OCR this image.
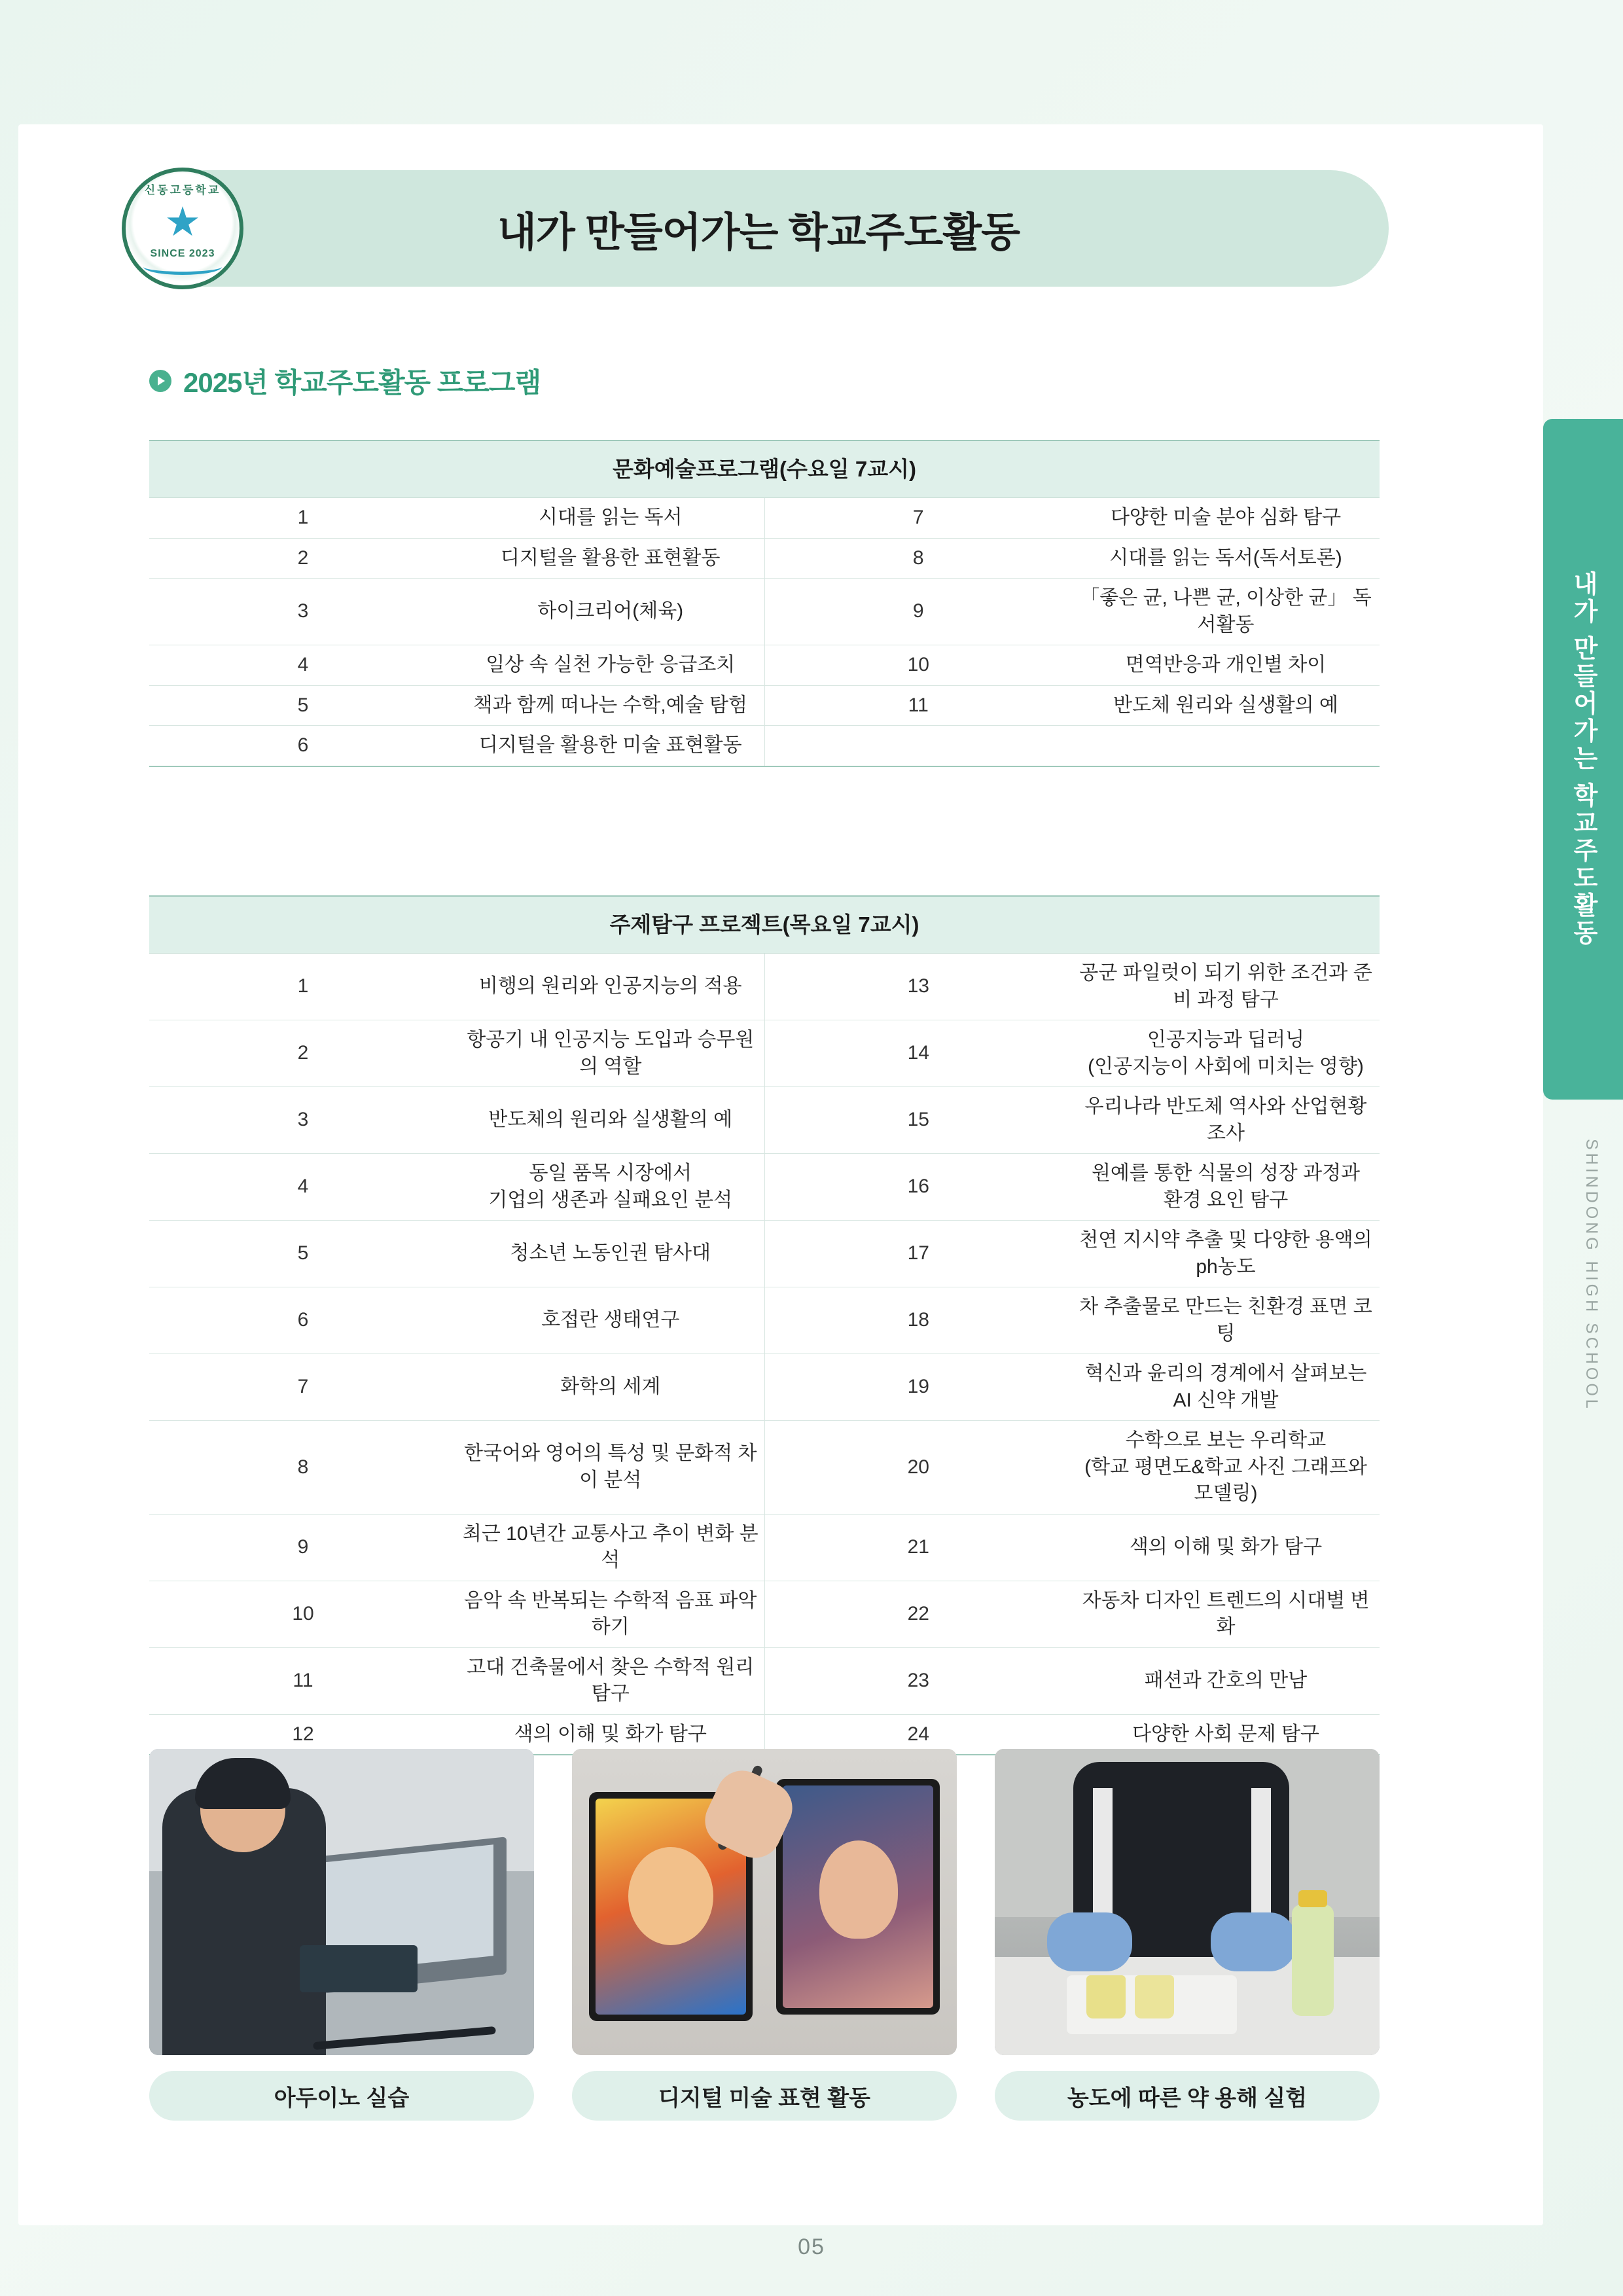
내가 만들어가는 학교주도활동
신동고등학교
★
SINCE 2023
2025년 학교주도활동 프로그램
문화예술프로그램(수요일 7교시)			
1	시대를 읽는 독서	7	다양한 미술 분야 심화 탐구
2	디지털을 활용한 표현활동	8	시대를 읽는 독서(독서토론)
3	하이크리어(체육)	9	「좋은 균, 나쁜 균, 이상한 균」 독서활동
4	일상 속 실천 가능한 응급조치	10	면역반응과 개인별 차이
5	책과 함께 떠나는 수학,예술 탐험	11	반도체 원리와 실생활의 예
6	디지털을 활용한 미술 표현활동		
주제탐구 프로젝트(목요일 7교시)			
1	비행의 원리와 인공지능의 적용	13	공군 파일럿이 되기 위한 조건과 준비 과정 탐구
2	항공기 내 인공지능 도입과 승무원의 역할	14	인공지능과 딥러닝
(인공지능이 사회에 미치는 영향)
3	반도체의 원리와 실생활의 예	15	우리나라 반도체 역사와 산업현황 조사
4	동일 품목 시장에서
기업의 생존과 실패요인 분석	16	원예를 통한 식물의 성장 과정과
환경 요인 탐구
5	청소년 노동인권 탐사대	17	천연 지시약 추출 및 다양한 용액의 ph농도
6	호접란 생태연구	18	차 추출물로 만드는 친환경 표면 코팅
7	화학의 세계	19	혁신과 윤리의 경계에서 살펴보는 AI 신약 개발
8	한국어와 영어의 특성 및 문화적 차이 분석	20	수학으로 보는 우리학교
(학교 평면도&학교 사진 그래프와 모델링)
9	최근 10년간 교통사고 추이 변화 분석	21	색의 이해 및 화가 탐구
10	음악 속 반복되는 수학적 음표 파악하기	22	자동차 디자인 트렌드의 시대별 변화
11	고대 건축물에서 찾은 수학적 원리 탐구	23	패션과 간호의 만남
12	색의 이해 및 화가 탐구	24	다양한 사회 문제 탐구
내가 만들어가는 학교주도활동
SHINDONG HIGH SCHOOL
아두이노 실습	디지털 미술 표현 활동	농도에 따른 약 용해 실험
05
